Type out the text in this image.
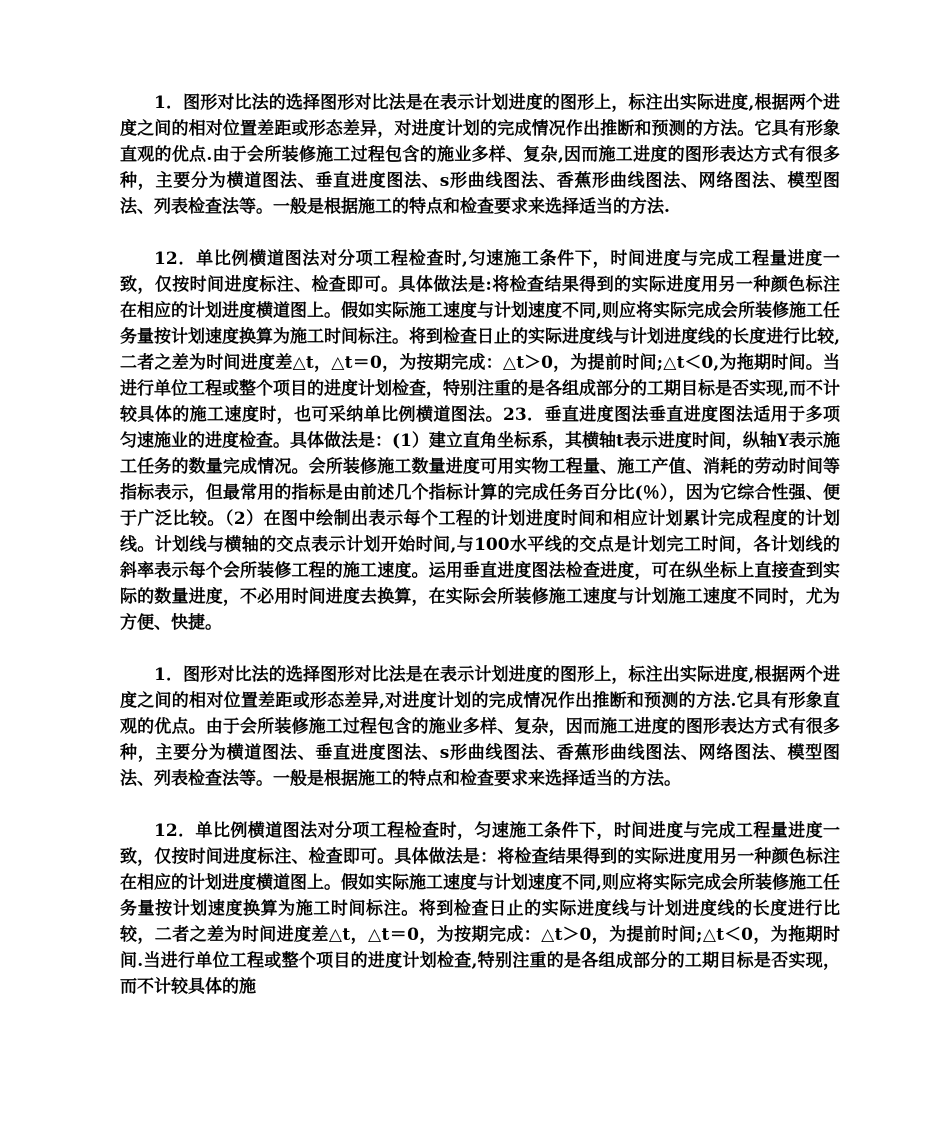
1．图形对比法的选择图形对比法是在表示计划进度的图形上，标注出实际进度,根据两个进度之间的相对位置差距或形态差异，对进度计划的完成情况作出推断和预测的方法。它具有形象直观的优点.由于会所装修施工过程包含的施业多样、复杂,因而施工进度的图形表达方式有很多种，主要分为横道图法、垂直进度图法、s形曲线图法、香蕉形曲线图法、网络图法、模型图法、列表检查法等。一般是根据施工的特点和检查要求来选择适当的方法.

12．单比例横道图法对分项工程检查时,匀速施工条件下，时间进度与完成工程量进度一致，仅按时间进度标注、检查即可。具体做法是:将检查结果得到的实际进度用另一种颜色标注在相应的计划进度横道图上。假如实际施工速度与计划速度不同,则应将实际完成会所装修施工任务量按计划速度换算为施工时间标注。将到检查日止的实际进度线与计划进度线的长度进行比较,二者之差为时间进度差△t，△t＝0，为按期完成：△t＞0，为提前时间;△t＜0,为拖期时间。当进行单位工程或整个项目的进度计划检查，特别注重的是各组成部分的工期目标是否实现,而不计较具体的施工速度时，也可采纳单比例横道图法。23．垂直进度图法垂直进度图法适用于多项匀速施业的进度检查。具体做法是：(1）建立直角坐标系，其横轴t表示进度时间，纵轴Y表示施工任务的数量完成情况。会所装修施工数量进度可用实物工程量、施工产值、消耗的劳动时间等指标表示，但最常用的指标是由前述几个指标计算的完成任务百分比(％），因为它综合性强、便于广泛比较。（2）在图中绘制出表示每个工程的计划进度时间和相应计划累计完成程度的计划线。计划线与横轴的交点表示计划开始时间,与100水平线的交点是计划完工时间，各计划线的斜率表示每个会所装修工程的施工速度。运用垂直进度图法检查进度，可在纵坐标上直接查到实际的数量进度，不必用时间进度去换算，在实际会所装修施工速度与计划施工速度不同时，尤为方便、快捷。

1．图形对比法的选择图形对比法是在表示计划进度的图形上，标注出实际进度,根据两个进度之间的相对位置差距或形态差异,对进度计划的完成情况作出推断和预测的方法.它具有形象直观的优点。由于会所装修施工过程包含的施业多样、复杂，因而施工进度的图形表达方式有很多种，主要分为横道图法、垂直进度图法、s形曲线图法、香蕉形曲线图法、网络图法、模型图法、列表检查法等。一般是根据施工的特点和检查要求来选择适当的方法。

12．单比例横道图法对分项工程检查时，匀速施工条件下，时间进度与完成工程量进度一致，仅按时间进度标注、检查即可。具体做法是：将检查结果得到的实际进度用另一种颜色标注在相应的计划进度横道图上。假如实际施工速度与计划速度不同,则应将实际完成会所装修施工任务量按计划速度换算为施工时间标注。将到检查日止的实际进度线与计划进度线的长度进行比较，二者之差为时间进度差△t，△t＝0，为按期完成：△t＞0，为提前时间;△t＜0，为拖期时间.当进行单位工程或整个项目的进度计划检查,特别注重的是各组成部分的工期目标是否实现，而不计较具体的施
